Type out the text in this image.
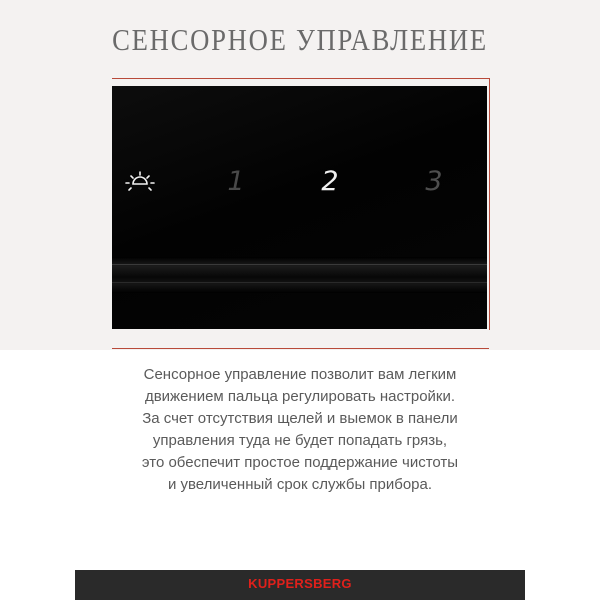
СЕНСОРНОЕ УПРАВЛЕНИЕ
1	2	3

Сенсорное управление позволит вам легким
движением пальца регулировать настройки.
За счет отсутствия щелей и выемок в панели
управления туда не будет попадать грязь,
это обеспечит простое поддержание чистоты
и увеличенный срок службы прибора.

KUPPERSBERG
